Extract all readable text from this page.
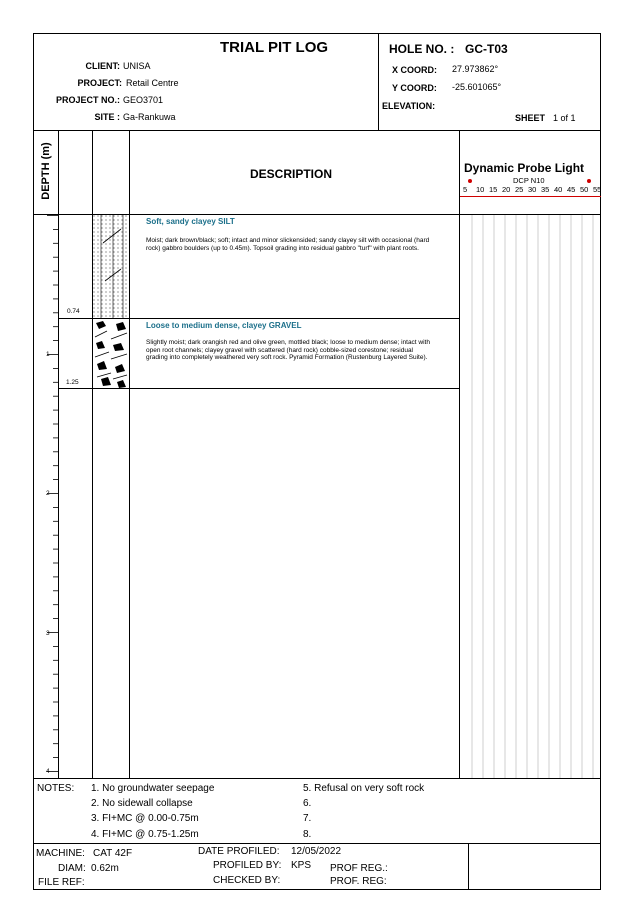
TRIAL PIT LOG
CLIENT: UNISA
PROJECT: Retail Centre
PROJECT NO.: GEO3701
SITE : Ga-Rankuwa
HOLE NO. : GC-T03
X COORD: 27.973862°
Y COORD: -25.601065°
ELEVATION:
SHEET 1 of 1
DEPTH (m)	DESCRIPTION	Dynamic Probe Light
DCP N10
5 10 15 20 25 30 35 40 45 50 55
1
2
3
4
0.74
1.25
Soft, sandy clayey SILT
Moist; dark brown/black; soft; intact and minor slickensided; sandy clayey silt with occasional (hard rock) gabbro boulders (up to 0.45m). Topsoil grading into residual gabbro "turf" with plant roots.
Loose to medium dense, clayey GRAVEL
Slightly moist; dark orangish red and olive green, mottled black; loose to medium dense; intact with open root channels; clayey gravel with scattered (hard rock) cobble-sized corestone; residual grading into completely weathered very soft rock. Pyramid Formation (Rustenburg Layered Suite).
NOTES: 1. No groundwater seepage
2. No sidewall collapse
3. FI+MC @ 0.00-0.75m
4. FI+MC @ 0.75-1.25m
5. Refusal on very soft rock
6.
7.
8.
MACHINE: CAT 42F
DIAM: 0.62m
FILE REF:
DATE PROFILED: 12/05/2022
PROFILED BY: KPS
CHECKED BY:
PROF REG.:
PROF. REG:
